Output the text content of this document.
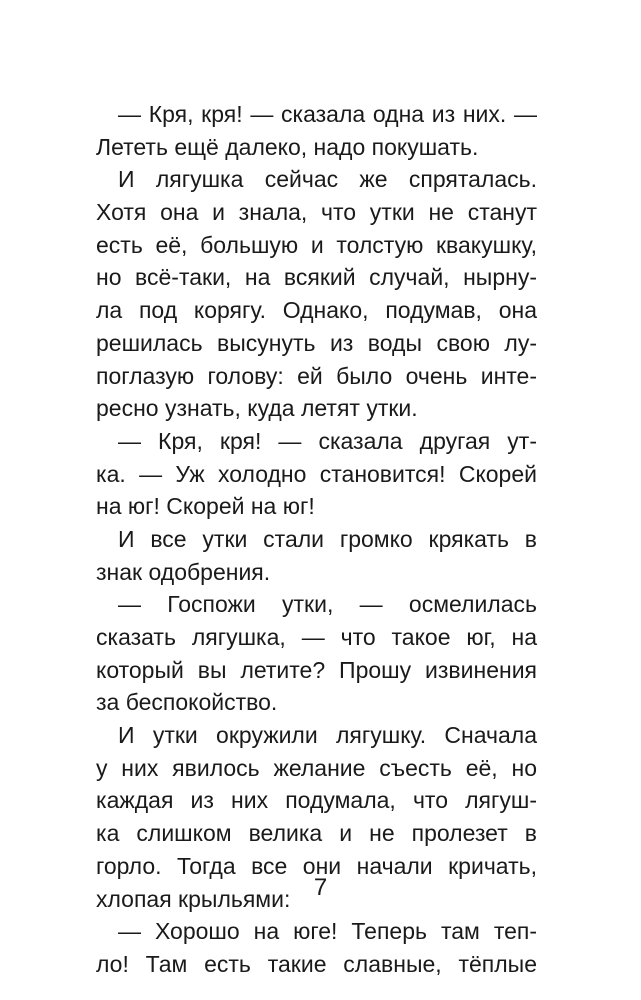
— Кря, кря! — сказала одна из них. —
Лететь ещё далеко, надо покушать.
И лягушка сейчас же спряталась.
Хотя она и знала, что утки не станут
есть её, большую и толстую квакушку,
но всё-таки, на всякий случай, нырну-
ла под корягу. Однако, подумав, она
решилась высунуть из воды свою лу-
поглазую голову: ей было очень инте-
ресно узнать, куда летят утки.
— Кря, кря! — сказала другая ут-
ка. — Уж холодно становится! Скорей
на юг! Скорей на юг!
И все утки стали громко крякать в
знак одобрения.
— Госпожи утки, — осмелилась
сказать лягушка, — что такое юг, на
который вы летите? Прошу извинения
за беспокойство.
И утки окружили лягушку. Сначала
у них явилось желание съесть её, но
каждая из них подумала, что лягуш-
ка слишком велика и не пролезет в
горло. Тогда все они начали кричать,
хлопая крыльями:
— Хорошо на юге! Теперь там теп-
ло! Там есть такие славные, тёплые
7
